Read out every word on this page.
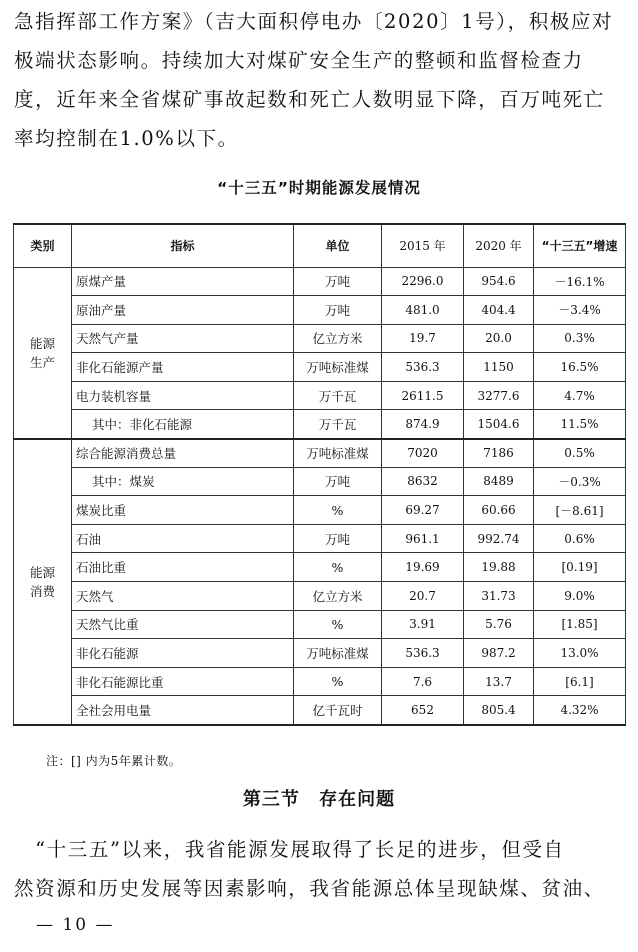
急指挥部工作方案》（吉大面积停电办〔2020〕1号），积极应对
极端状态影响。持续加大对煤矿安全生产的整顿和监督检查力
度，近年来全省煤矿事故起数和死亡人数明显下降，百万吨死亡
率均控制在1.0%以下。

“十三五”时期能源发展情况
类别	指标	单位	2015 年	2020 年	“十三五”增速
能源
生产	原煤产量	万吨	2296.0	954.6	－16.1%
	原油产量	万吨	481.0	404.4	－3.4%
	天然气产量	亿立方米	19.7	20.0	0.3%
	非化石能源产量	万吨标准煤	536.3	1150	16.5%
	电力装机容量	万千瓦	2611.5	3277.6	4.7%
	其中：非化石能源	万千瓦	874.9	1504.6	11.5%
能源
消费	综合能源消费总量	万吨标准煤	7020	7186	0.5%
	其中：煤炭	万吨	8632	8489	－0.3%
	煤炭比重	%	69.27	60.66	[－8.61]
	石油	万吨	961.1	992.74	0.6%
	石油比重	%	19.69	19.88	[0.19]
	天然气	亿立方米	20.7	31.73	9.0%
	天然气比重	%	3.91	5.76	[1.85]
	非化石能源	万吨标准煤	536.3	987.2	13.0%
	非化石能源比重	%	7.6	13.7	[6.1]
	全社会用电量	亿千瓦时	652	805.4	4.32%
注：[] 内为5年累计数。
第三节 存在问题

　“十三五”以来，我省能源发展取得了长足的进步，但受自
然资源和历史发展等因素影响，我省能源总体呈现缺煤、贫油、

— 10 —
